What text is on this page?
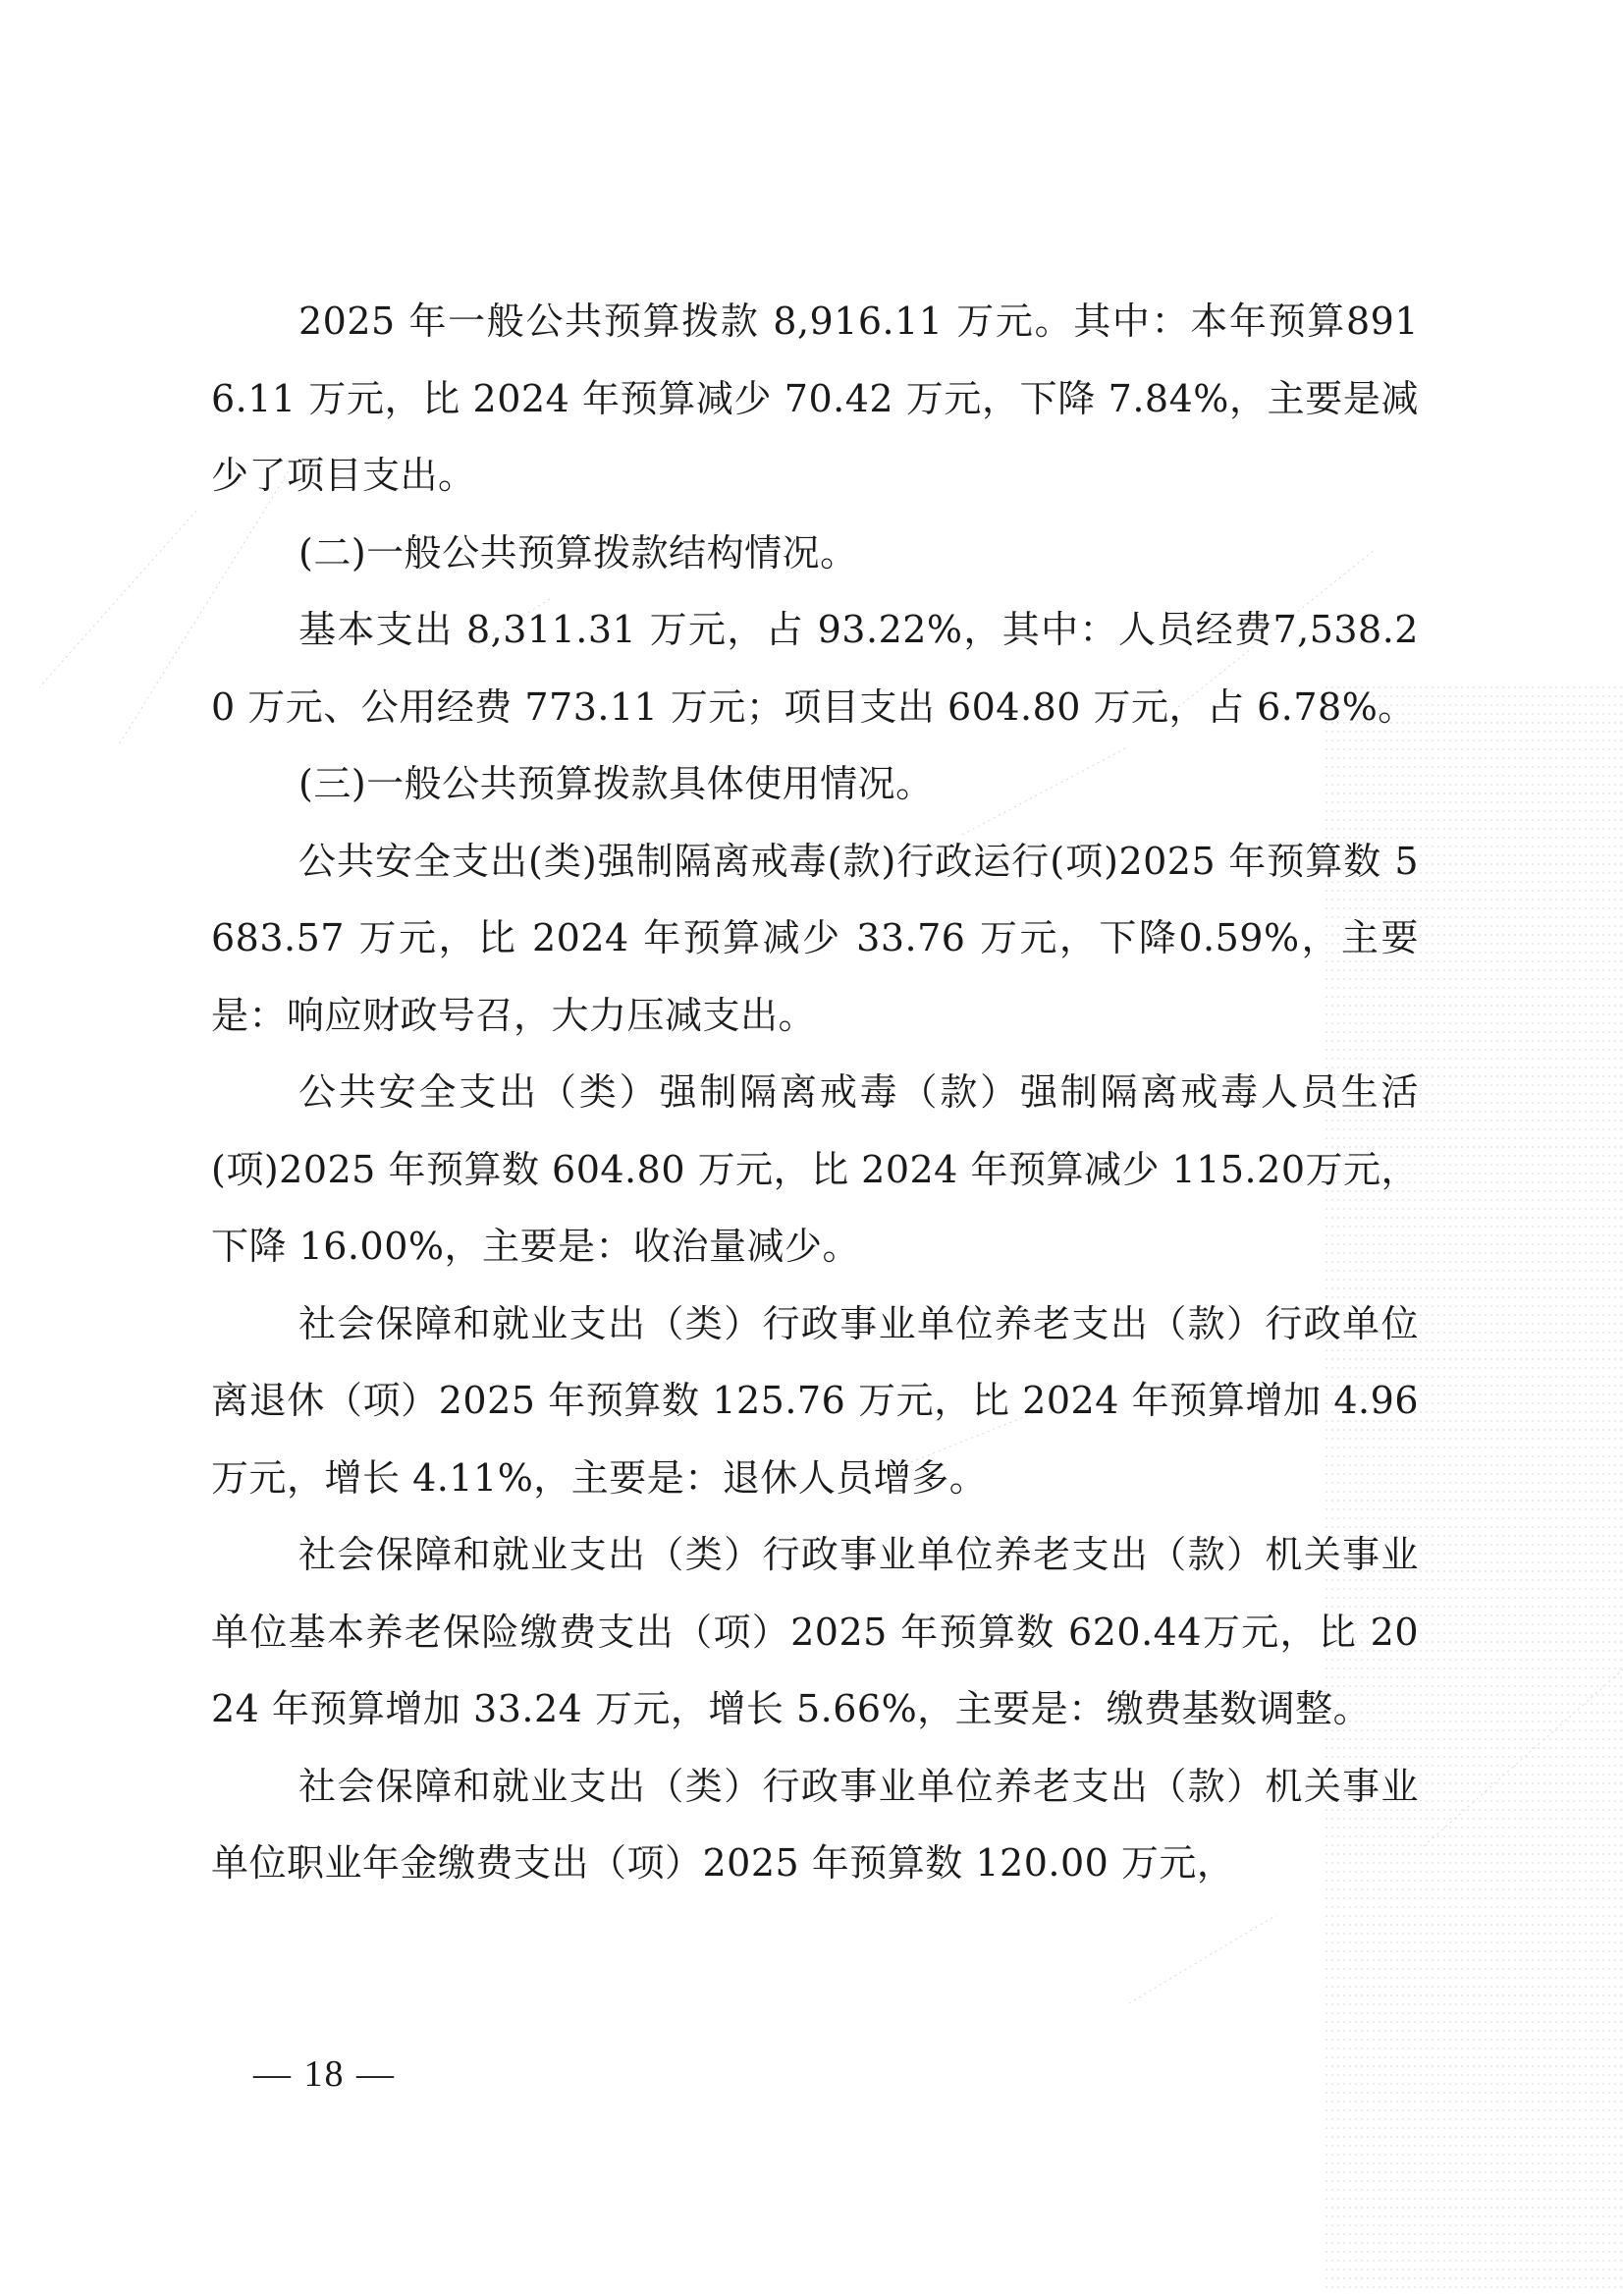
2025 年一般公共预算拨款 8,916.11 万元。其中：本年预算8916.11 万元，比 2024 年预算减少 70.42 万元，下降 7.84%，主要是减少了项目支出。

(二)一般公共预算拨款结构情况。

基本支出 8,311.31 万元，占 93.22%，其中：人员经费7,538.20 万元、公用经费 773.11 万元；项目支出 604.80 万元，占 6.78%。

(三)一般公共预算拨款具体使用情况。

公共安全支出(类)强制隔离戒毒(款)行政运行(项)2025 年预算数 5683.57 万元，比 2024 年预算减少 33.76 万元，下降0.59%，主要是：响应财政号召，大力压减支出。

公共安全支出（类）强制隔离戒毒（款）强制隔离戒毒人员生活(项)2025 年预算数 604.80 万元，比 2024 年预算减少 115.20万元，下降 16.00%，主要是：收治量减少。

社会保障和就业支出（类）行政事业单位养老支出（款）行政单位离退休（项）2025 年预算数 125.76 万元，比 2024 年预算增加 4.96 万元，增长 4.11%，主要是：退休人员增多。

社会保障和就业支出（类）行政事业单位养老支出（款）机关事业单位基本养老保险缴费支出（项）2025 年预算数 620.44万元，比 2024 年预算增加 33.24 万元，增长 5.66%，主要是：缴费基数调整。

社会保障和就业支出（类）行政事业单位养老支出（款）机关事业单位职业年金缴费支出（项）2025 年预算数 120.00 万元，

— 18 —
